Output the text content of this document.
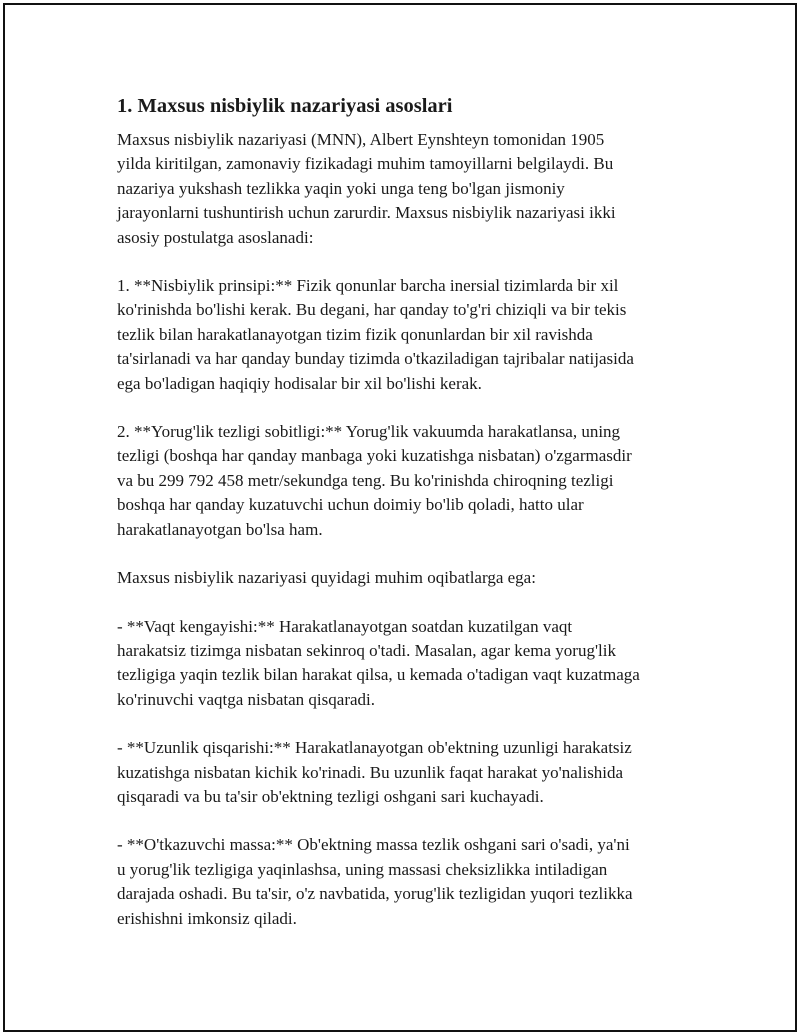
1. Maxsus nisbiylik nazariyasi asoslari

Maxsus nisbiylik nazariyasi (MNN), Albert Eynshteyn tomonidan 1905
yilda kiritilgan, zamonaviy fizikadagi muhim tamoyillarni belgilaydi. Bu
nazariya yukshash tezlikka yaqin yoki unga teng bo'lgan jismoniy
jarayonlarni tushuntirish uchun zarurdir. Maxsus nisbiylik nazariyasi ikki
asosiy postulatga asoslanadi:

1. **Nisbiylik prinsipi:** Fizik qonunlar barcha inersial tizimlarda bir xil
ko'rinishda bo'lishi kerak. Bu degani, har qanday to'g'ri chiziqli va bir tekis
tezlik bilan harakatlanayotgan tizim fizik qonunlardan bir xil ravishda
ta'sirlanadi va har qanday bunday tizimda o'tkaziladigan tajribalar natijasida
ega bo'ladigan haqiqiy hodisalar bir xil bo'lishi kerak.

2. **Yorug'lik tezligi sobitligi:** Yorug'lik vakuumda harakatlansa, uning
tezligi (boshqa har qanday manbaga yoki kuzatishga nisbatan) o'zgarmasdir
va bu 299 792 458 metr/sekundga teng. Bu ko'rinishda chiroqning tezligi
boshqa har qanday kuzatuvchi uchun doimiy bo'lib qoladi, hatto ular
harakatlanayotgan bo'lsa ham.

Maxsus nisbiylik nazariyasi quyidagi muhim oqibatlarga ega:

- **Vaqt kengayishi:** Harakatlanayotgan soatdan kuzatilgan vaqt
harakatsiz tizimga nisbatan sekinroq o'tadi. Masalan, agar kema yorug'lik
tezligiga yaqin tezlik bilan harakat qilsa, u kemada o'tadigan vaqt kuzatmaga
ko'rinuvchi vaqtga nisbatan qisqaradi.

- **Uzunlik qisqarishi:** Harakatlanayotgan ob'ektning uzunligi harakatsiz
kuzatishga nisbatan kichik ko'rinadi. Bu uzunlik faqat harakat yo'nalishida
qisqaradi va bu ta'sir ob'ektning tezligi oshgani sari kuchayadi.

- **O'tkazuvchi massa:** Ob'ektning massa tezlik oshgani sari o'sadi, ya'ni
u yorug'lik tezligiga yaqinlashsa, uning massasi cheksizlikka intiladigan
darajada oshadi. Bu ta'sir, o'z navbatida, yorug'lik tezligidan yuqori tezlikka
erishishni imkonsiz qiladi.
